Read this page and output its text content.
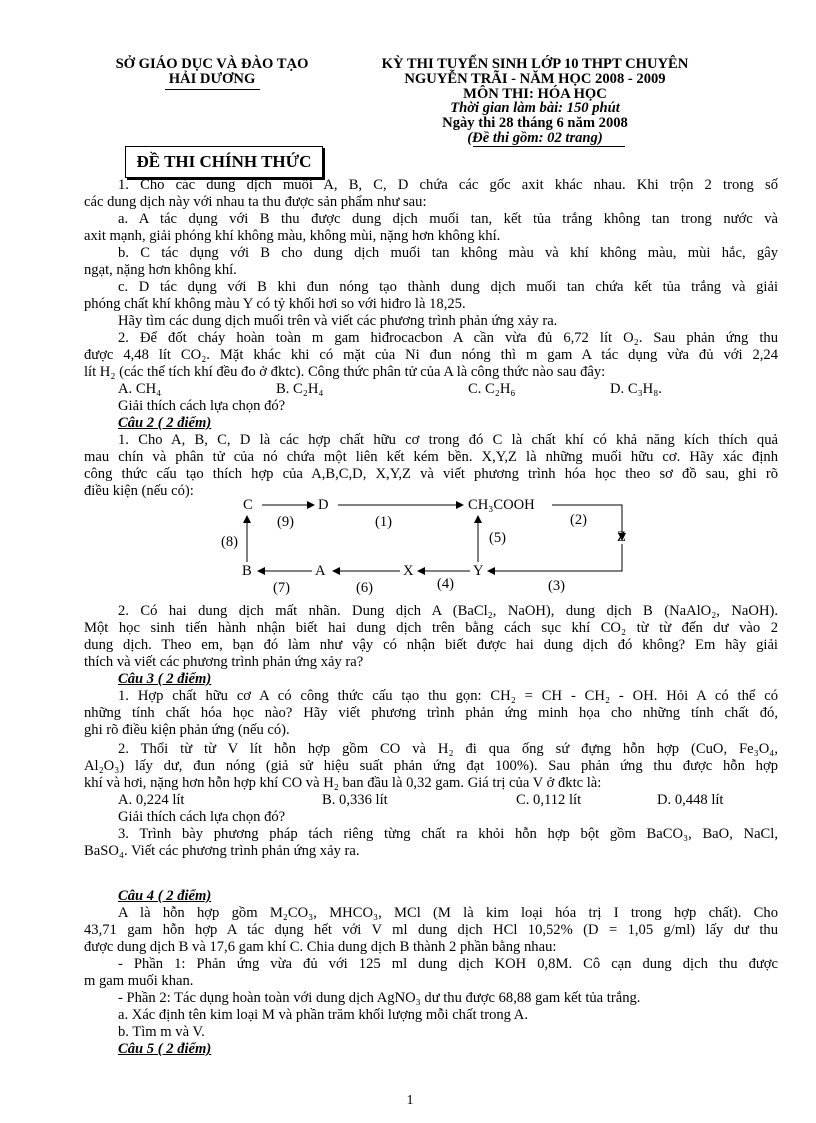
SỞ GIÁO DỤC VÀ ĐÀO TẠO
HẢI DƯƠNG
KỲ THI TUYỂN SINH LỚP 10 THPT CHUYÊN
NGUYỄN TRÃI - NĂM HỌC 2008 - 2009
MÔN THI: HÓA HỌC
Thời gian làm bài: 150 phút
Ngày thi 28 tháng 6 năm 2008
(Đề thi gồm: 02 trang)
ĐỀ THI CHÍNH THỨC
1. Cho các dung dịch muối A, B, C, D chứa các gốc axit khác nhau. Khi trộn 2 trong số
các dung dịch này với nhau ta thu được sản phẩm như sau:
a. A tác dụng với B thu được dung dịch muối tan, kết tủa trắng không tan trong nước và
axit mạnh, giải phóng khí không màu, không mùi, nặng hơn không khí.
b. C tác dụng với B cho dung dịch muối tan không màu và khí không màu, mùi hắc, gây
ngạt, nặng hơn không khí.
c. D tác dụng với B khi đun nóng tạo thành dung dịch muối tan chứa kết tủa trắng và giải
phóng chất khí không màu Y có tỷ khối hơi so với hiđro là 18,25.
Hãy tìm các dung dịch muối trên và viết các phương trình phản ứng xảy ra.
2. Để đốt cháy hoàn toàn m gam hiđrocacbon A cần vừa đủ 6,72 lít O₂. Sau phản ứng thu
được 4,48 lít CO₂. Mặt khác khi có mặt của Ni đun nóng thì m gam A tác dụng vừa đủ với 2,24
lít H₂ (các thể tích khí đều đo ở đktc). Công thức phân tử của A là công thức nào sau đây:
A. CH₄	B. C₂H₄	C. C₂H₆	D. C₃H₈.
Giải thích cách lựa chọn đó?
Câu 2 ( 2 điểm)
1. Cho A, B, C, D là các hợp chất hữu cơ trong đó C là chất khí có khả năng kích thích quả
mau chín và phân tử của nó chứa một liên kết kém bền. X,Y,Z là những muối hữu cơ. Hãy xác định
công thức cấu tạo thích hợp của A,B,C,D, X,Y,Z và viết phương trình hóa học theo sơ đồ sau, ghi rõ
điều kiện (nếu có):
C	D	CH₃COOH
Z
B	A	X	Y
(9)	(1)	(2)
(5)
(8)
(7)	(6)	(4)	(3)
2. Có hai dung dịch mất nhãn. Dung dịch A (BaCl₂, NaOH), dung dịch B (NaAlO₂, NaOH).
Một học sinh tiến hành nhận biết hai dung dịch trên bằng cách sục khí CO₂ từ từ đến dư vào 2
dung dịch. Theo em, bạn đó làm như vậy có nhận biết được hai dung dịch đó không? Em hãy giải
thích và viết các phương trình phản ứng xảy ra?
Câu 3 ( 2 điểm)
1. Hợp chất hữu cơ A có công thức cấu tạo thu gọn: CH₂ = CH - CH₂ - OH. Hỏi A có thể có
những tính chất hóa học nào? Hãy viết phương trình phản ứng minh họa cho những tính chất đó,
ghi rõ điều kiện phản ứng (nếu có).
2. Thổi từ từ V lít hỗn hợp gồm CO và H₂ đi qua ống sứ đựng hỗn hợp (CuO, Fe₃O₄,
Al₂O₃) lấy dư, đun nóng (giả sử hiệu suất phản ứng đạt 100%). Sau phản ứng thu được hỗn hợp
khí và hơi, nặng hơn hỗn hợp khí CO và H₂ ban đầu là 0,32 gam. Giá trị của V ở đktc là:
A. 0,224 lít	B. 0,336 lít	C. 0,112 lít	D. 0,448 lít
Giải thích cách lựa chọn đó?
3. Trình bày phương pháp tách riêng từng chất ra khỏi hỗn hợp bột gồm BaCO₃, BaO, NaCl,
BaSO₄. Viết các phương trình phản ứng xảy ra.
Câu 4 ( 2 điểm)
A là hỗn hợp gồm M₂CO₃, MHCO₃, MCl (M là kim loại hóa trị I trong hợp chất). Cho
43,71 gam hỗn hợp A tác dụng hết với V ml dung dịch HCl 10,52% (D = 1,05 g/ml) lấy dư thu
được dung dịch B và 17,6 gam khí C. Chia dung dịch B thành 2 phần bằng nhau:
- Phần 1: Phản ứng vừa đủ với 125 ml dung dịch KOH 0,8M. Cô cạn dung dịch thu được
m gam muối khan.
- Phần 2: Tác dụng hoàn toàn với dung dịch AgNO₃ dư thu được 68,88 gam kết tủa trắng.
a. Xác định tên kim loại M và phần trăm khối lượng mỗi chất trong A.
b. Tìm m và V.
Câu 5 ( 2 điểm)
1
